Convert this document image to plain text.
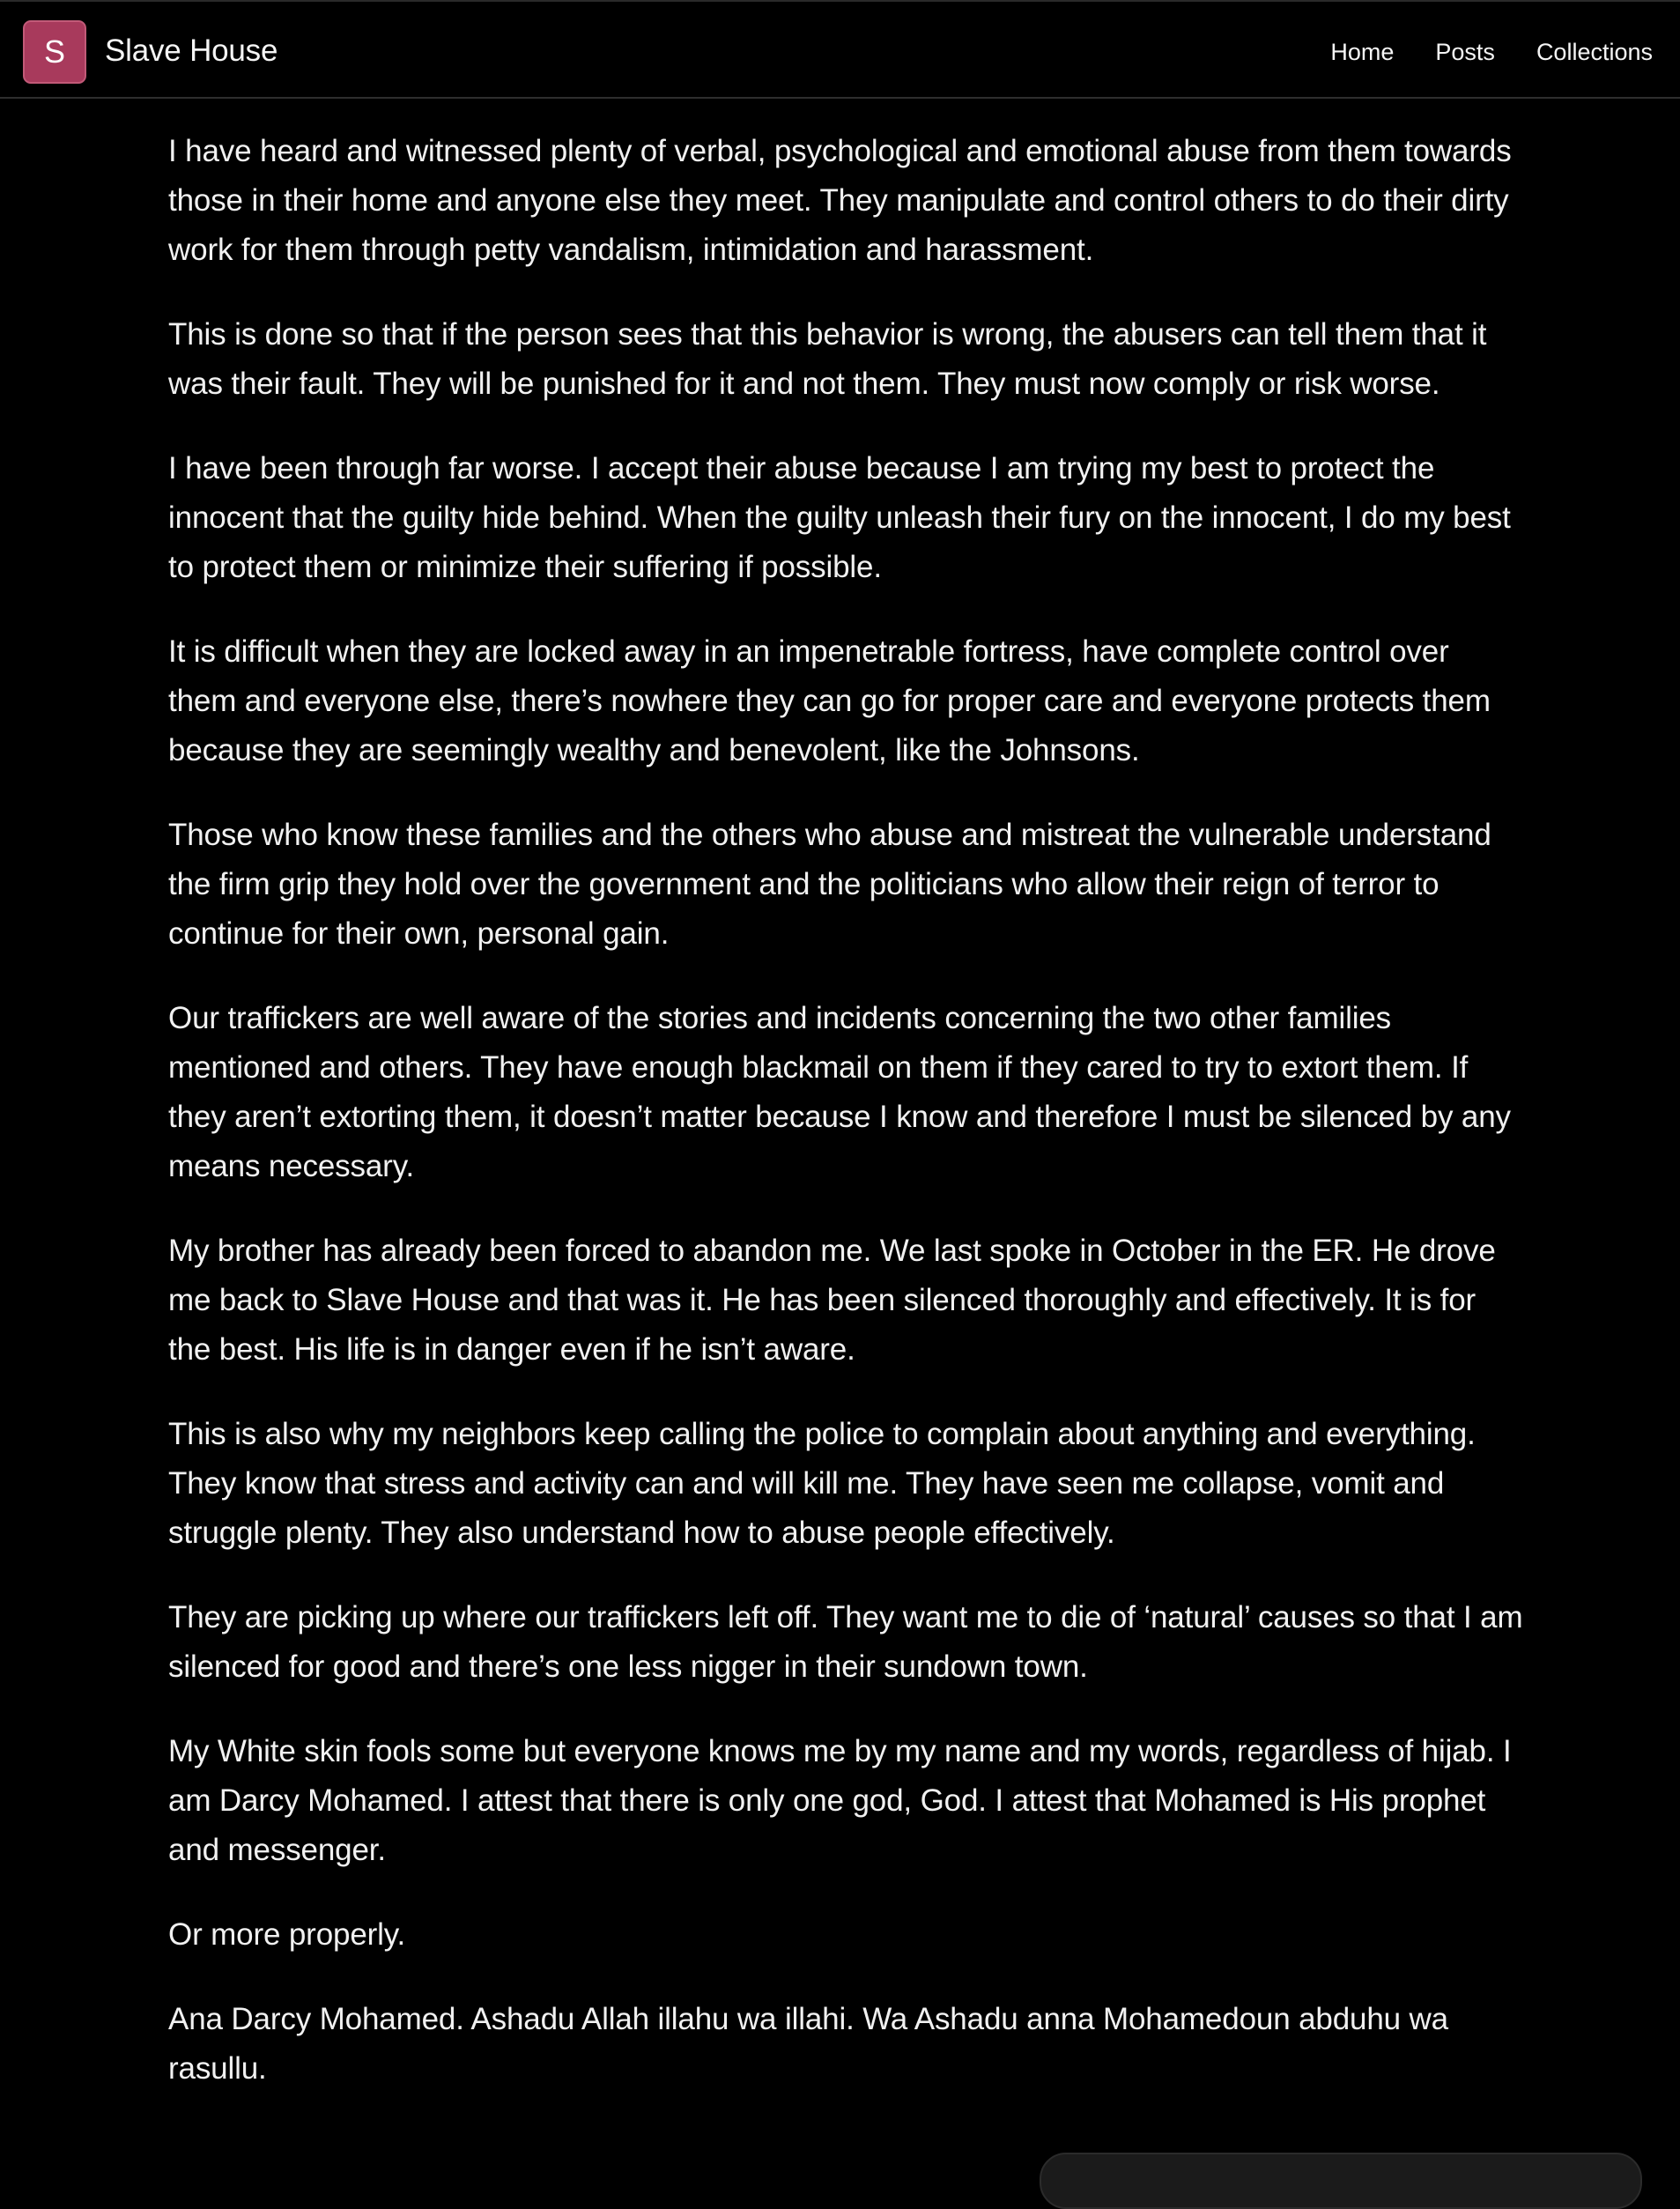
S	Slave House	Home Posts Collections

I have heard and witnessed plenty of verbal, psychological and emotional abuse from them towards those in their home and anyone else they meet. They manipulate and control others to do their dirty work for them through petty vandalism, intimidation and harassment.

This is done so that if the person sees that this behavior is wrong, the abusers can tell them that it was their fault. They will be punished for it and not them. They must now comply or risk worse.

I have been through far worse. I accept their abuse because I am trying my best to protect the innocent that the guilty hide behind. When the guilty unleash their fury on the innocent, I do my best to protect them or minimize their suffering if possible.

It is difficult when they are locked away in an impenetrable fortress, have complete control over them and everyone else, there’s nowhere they can go for proper care and everyone protects them because they are seemingly wealthy and benevolent, like the Johnsons.

Those who know these families and the others who abuse and mistreat the vulnerable understand the firm grip they hold over the government and the politicians who allow their reign of terror to continue for their own, personal gain.

Our traffickers are well aware of the stories and incidents concerning the two other families mentioned and others. They have enough blackmail on them if they cared to try to extort them. If they aren’t extorting them, it doesn’t matter because I know and therefore I must be silenced by any means necessary.

My brother has already been forced to abandon me. We last spoke in October in the ER. He drove me back to Slave House and that was it. He has been silenced thoroughly and effectively. It is for the best. His life is in danger even if he isn’t aware.

This is also why my neighbors keep calling the police to complain about anything and everything. They know that stress and activity can and will kill me. They have seen me collapse, vomit and struggle plenty. They also understand how to abuse people effectively.

They are picking up where our traffickers left off. They want me to die of ‘natural’ causes so that I am silenced for good and there’s one less nigger in their sundown town.

My White skin fools some but everyone knows me by my name and my words, regardless of hijab. I am Darcy Mohamed. I attest that there is only one god, God. I attest that Mohamed is His prophet and messenger.

Or more properly.

Ana Darcy Mohamed. Ashadu Allah illahu wa illahi. Wa Ashadu anna Mohamedoun abduhu wa rasullu.
